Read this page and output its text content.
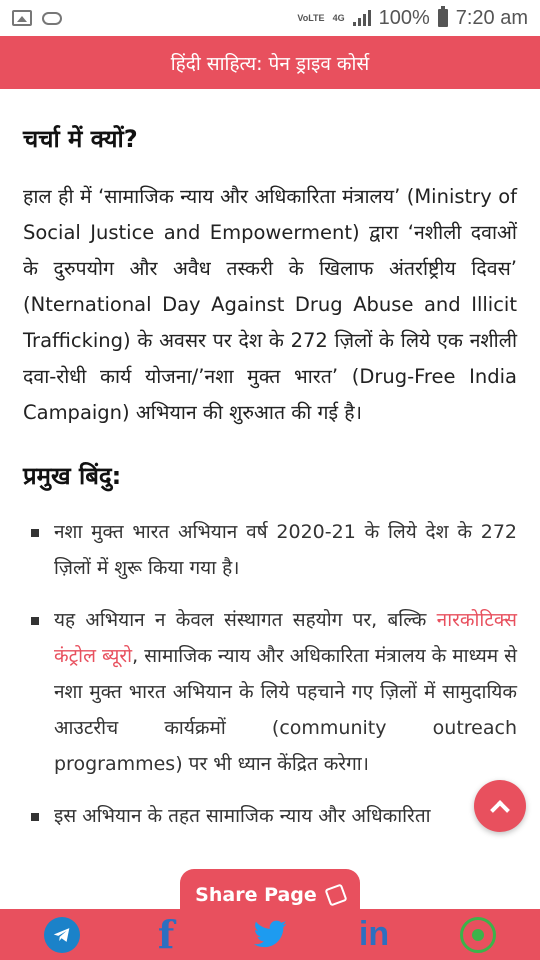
VoLTE 4G 100% 7:20 am
हिंदी साहित्य: पेन ड्राइव कोर्स
चर्चा में क्यों?

हाल ही में ‘सामाजिक न्याय और अधिकारिता मंत्रालय’ (Ministry of Social Justice and Empowerment) द्वारा ‘नशीली दवाओं के दुरुपयोग और अवैध तस्करी के खिलाफ अंतर्राष्ट्रीय दिवस’ (Nternational Day Against Drug Abuse and Illicit Trafficking) के अवसर पर देश के 272 ज़िलों के लिये एक नशीली दवा-रोधी कार्य योजना/’नशा मुक्त भारत’ (Drug-Free India Campaign) अभियान की शुरुआत की गई है।

प्रमुख बिंदु:
नशा मुक्त भारत अभियान वर्ष 2020-21 के लिये देश के 272 ज़िलों में शुरू किया गया है।
यह अभियान न केवल संस्थागत सहयोग पर, बल्कि नारकोटिक्स कंट्रोल ब्यूरो, सामाजिक न्याय और अधिकारिता मंत्रालय के माध्यम से नशा मुक्त भारत अभियान के लिये पहचाने गए ज़िलों में सामुदायिक आउटरीच कार्यक्रमों (community outreach programmes) पर भी ध्यान केंद्रित करेगा।
इस अभियान के तहत सामाजिक न्याय और अधिकारिता
Share Page
f	in
